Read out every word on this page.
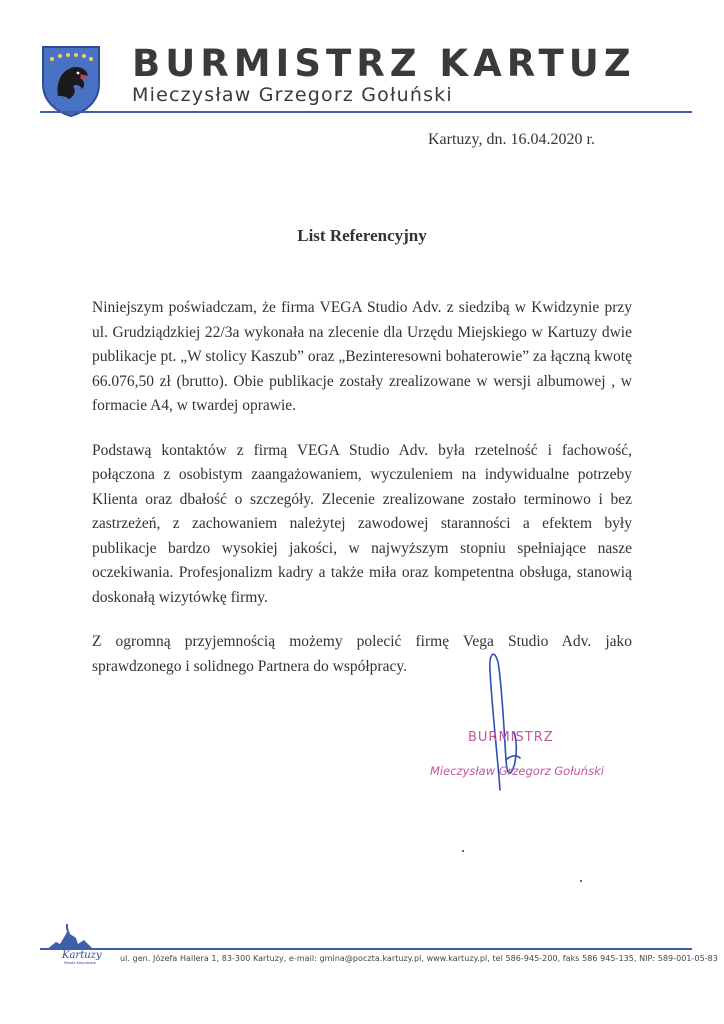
BURMISTRZ KARTUZ
Mieczysław Grzegorz Gołuński
Kartuzy, dn. 16.04.2020 r.
List Referencyjny

Niniejszym poświadczam, że firma VEGA Studio Adv. z siedzibą w Kwidzynie przy ul. Grudziądzkiej 22/3a wykonała na zlecenie dla Urzędu Miejskiego w Kartuzy dwie publikacje pt. „W stolicy Kaszub” oraz „Bezinteresowni bohaterowie” za łączną kwotę 66.076,50 zł (brutto). Obie publikacje zostały zrealizowane w wersji albumowej , w formacie A4, w twardej oprawie.

Podstawą kontaktów z firmą VEGA Studio Adv. była rzetelność i fachowość, połączona z osobistym zaangażowaniem, wyczuleniem na indywidualne potrzeby Klienta oraz dbałość o szczegóły. Zlecenie zrealizowane zostało terminowo i bez zastrzeżeń, z zachowaniem należytej zawodowej staranności a efektem były publikacje bardzo wysokiej jakości, w najwyższym stopniu spełniające nasze oczekiwania. Profesjonalizm kadry a także miła oraz kompetentna obsługa, stanowią doskonałą wizytówkę firmy.

Z ogromną przyjemnością możemy polecić firmę Vega Studio Adv. jako sprawdzonego i solidnego Partnera do współpracy.

BURMISTRZ
Mieczysław Grzegorz Gołuński
Kartuzy
Miasto Kaszubskie	ul. gen. Józefa Hallera 1, 83-300 Kartuzy, e-mail: gmina@poczta.kartuzy.pl, www.kartuzy.pl, tel 586-945-200, faks 586 945-135, NIP: 589-001-05-83
